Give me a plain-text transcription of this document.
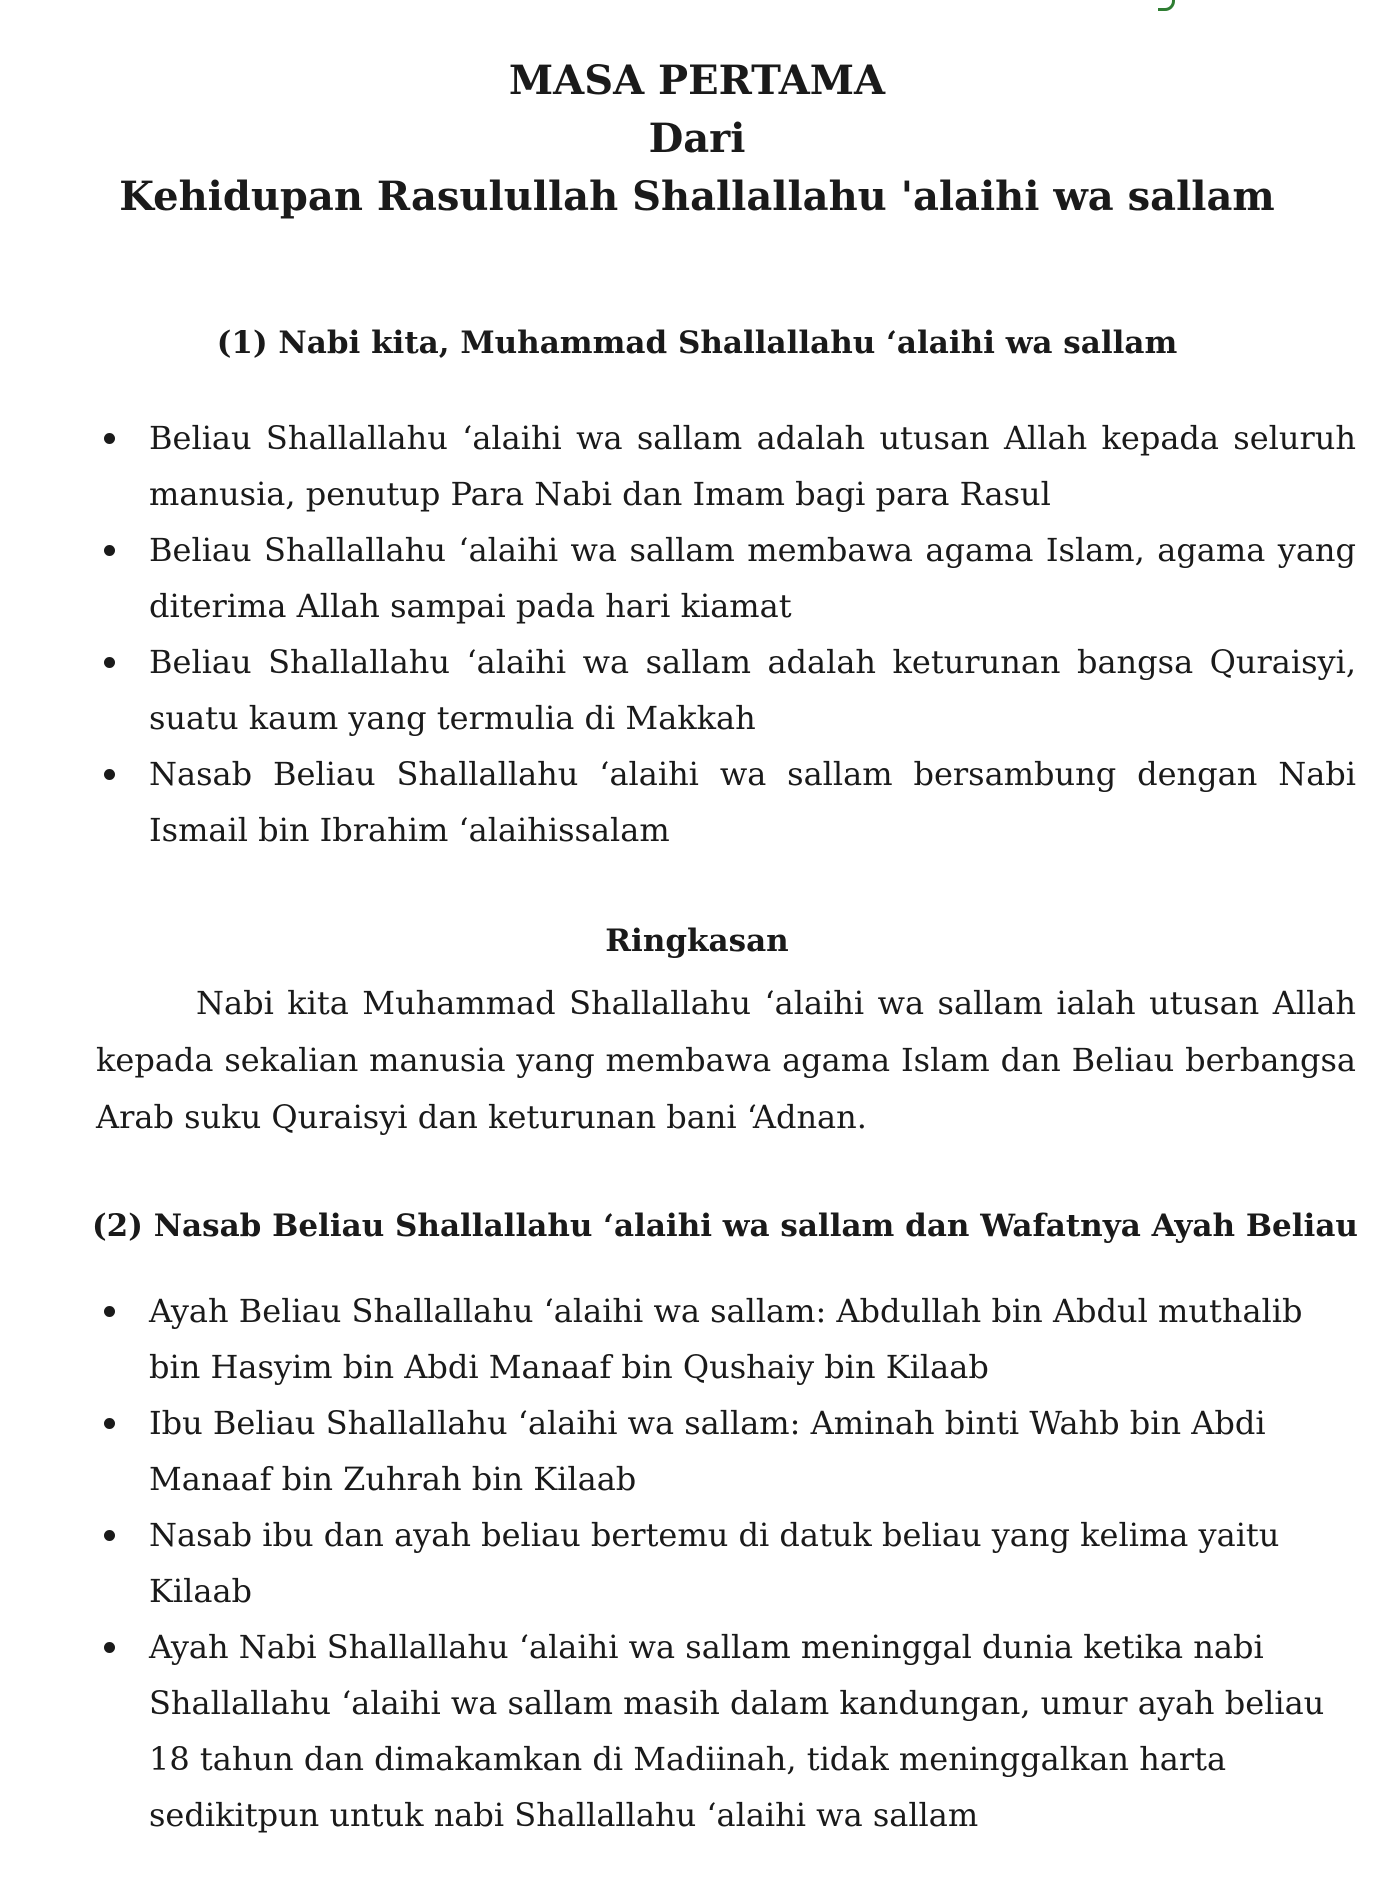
MASA PERTAMA
Dari
Kehidupan Rasulullah Shallallahu 'alaihi wa sallam
(1) Nabi kita, Muhammad Shallallahu ‘alaihi wa sallam
Beliau Shallallahu ‘alaihi wa sallam adalah utusan Allah kepada seluruh manusia, penutup Para Nabi dan Imam bagi para Rasul
Beliau Shallallahu ‘alaihi wa sallam membawa agama Islam, agama yang diterima Allah sampai pada hari kiamat
Beliau Shallallahu ‘alaihi wa sallam adalah keturunan bangsa Quraisyi, suatu kaum yang termulia di Makkah
Nasab Beliau Shallallahu ‘alaihi wa sallam bersambung dengan Nabi Ismail bin Ibrahim ‘alaihissalam
Ringkasan

Nabi kita Muhammad Shallallahu ‘alaihi wa sallam ialah utusan Allah kepada sekalian manusia yang membawa agama Islam dan Beliau berbangsa Arab suku Quraisyi dan keturunan bani ‘Adnan.

(2) Nasab Beliau Shallallahu ‘alaihi wa sallam dan Wafatnya Ayah Beliau
Ayah Beliau Shallallahu ‘alaihi wa sallam: Abdullah bin Abdul muthalib bin Hasyim bin Abdi Manaaf bin Qushaiy bin Kilaab
Ibu Beliau Shallallahu ‘alaihi wa sallam: Aminah binti Wahb bin Abdi Manaaf bin Zuhrah bin Kilaab
Nasab ibu dan ayah beliau bertemu di datuk beliau yang kelima yaitu Kilaab
Ayah Nabi Shallallahu ‘alaihi wa sallam meninggal dunia ketika nabi Shallallahu ‘alaihi wa sallam masih dalam kandungan, umur ayah beliau 18 tahun dan dimakamkan di Madiinah, tidak meninggalkan harta sedikitpun untuk nabi Shallallahu ‘alaihi wa sallam
